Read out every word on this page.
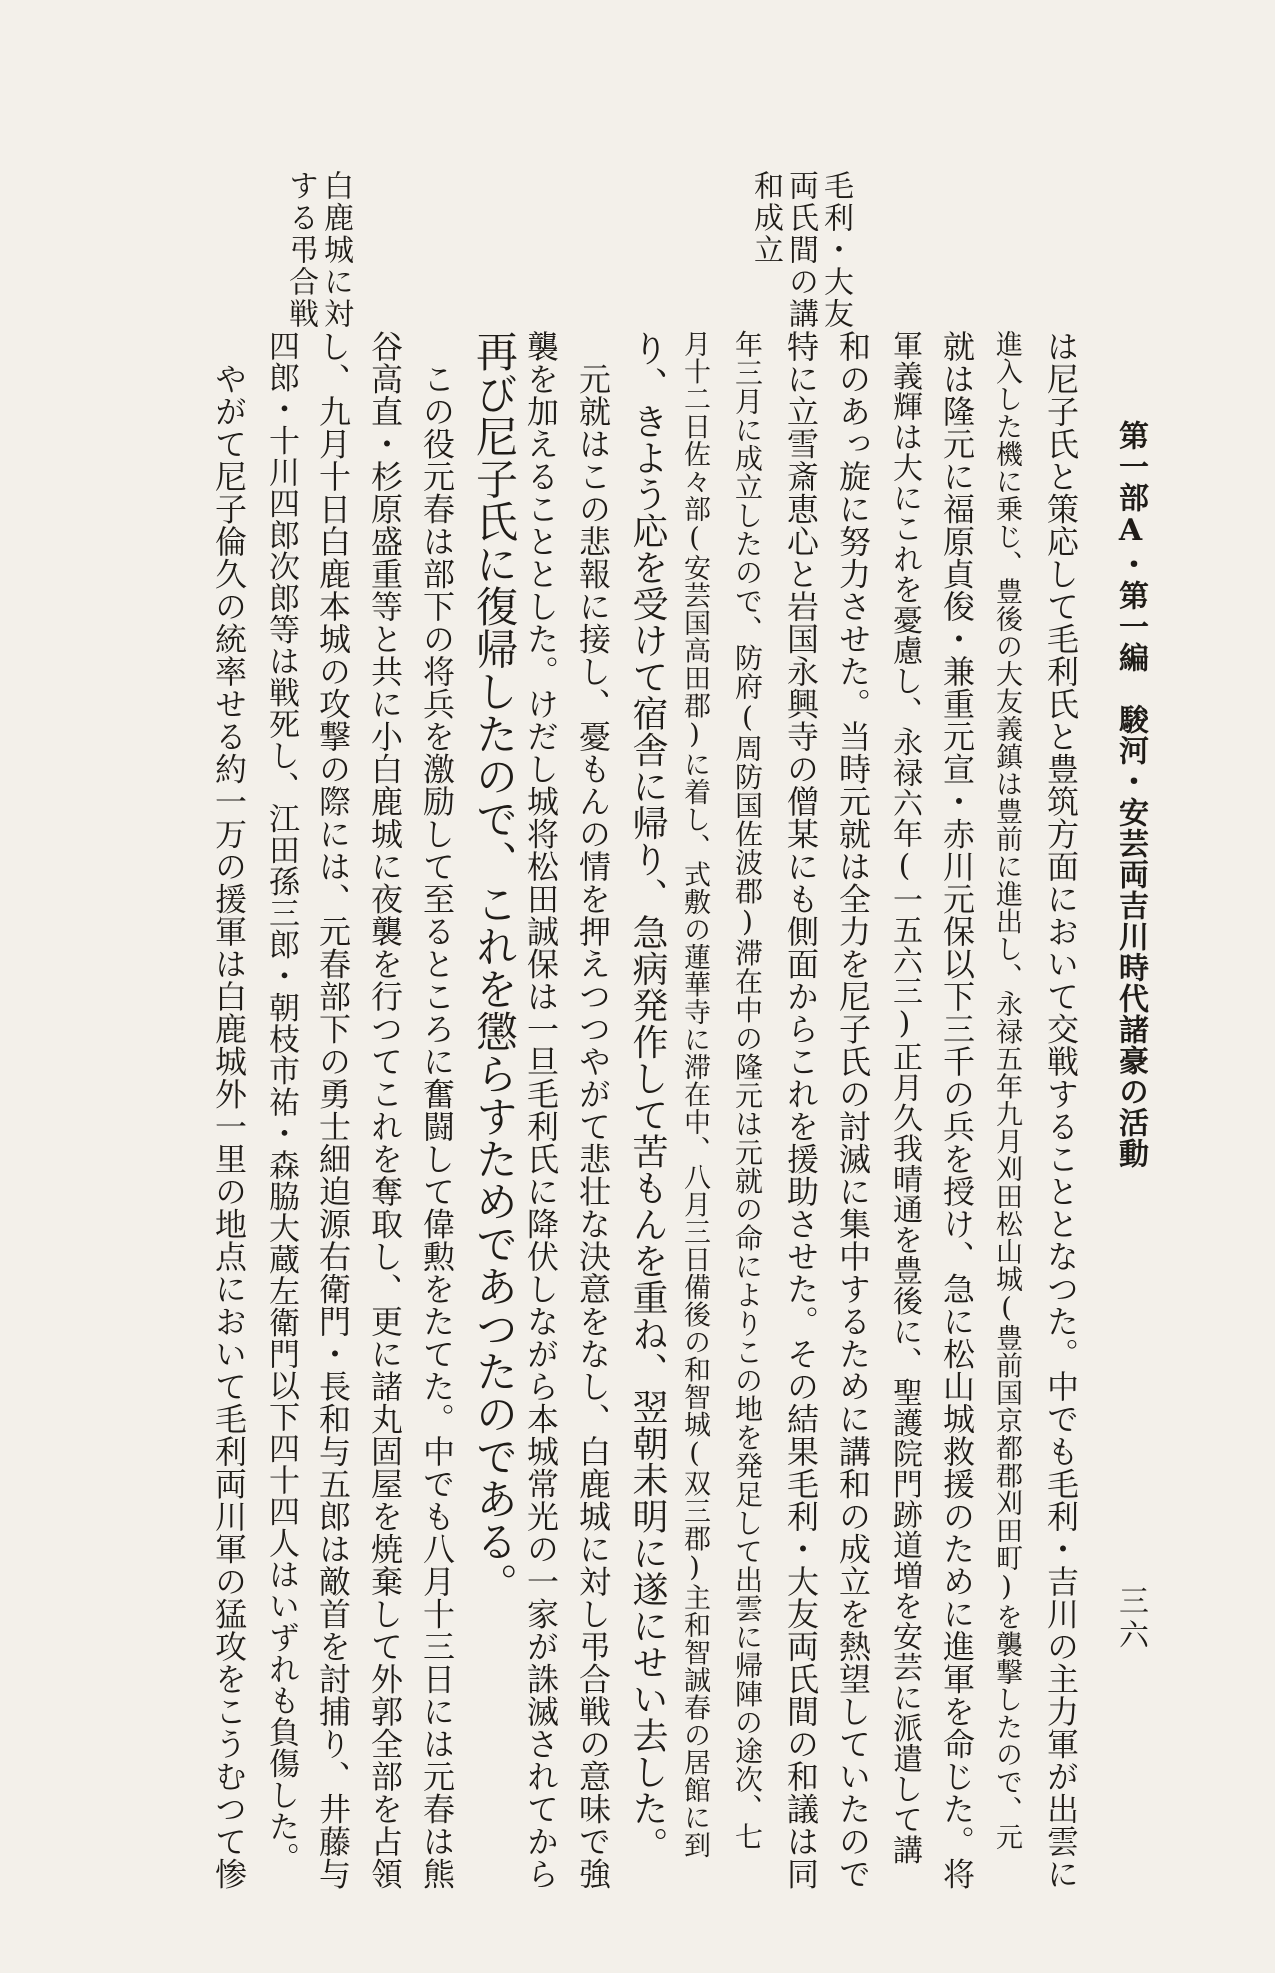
第一部A・第一編　駿河・安芸両吉川時代諸豪の活動
三六
毛利・大友
両氏間の講
和成立
白鹿城に対
する弔合戦
は尼子氏と策応して毛利氏と豊筑方面において交戦することとなつた。中でも毛利・吉川の主力軍が出雲に
進入した機に乗じ、豊後の大友義鎮は豊前に進出し、永禄五年九月刈田松山城(豊前国京都郡刈田町)を襲撃したので、元
就は隆元に福原貞俊・兼重元宣・赤川元保以下三千の兵を授け、急に松山城救援のために進軍を命じた。将
軍義輝は大にこれを憂慮し、永禄六年(一五六三)正月久我晴通を豊後に、聖護院門跡道増を安芸に派遣して講
和のあっ旋に努力させた。当時元就は全力を尼子氏の討滅に集中するために講和の成立を熱望していたので
特に立雪斎恵心と岩国永興寺の僧某にも側面からこれを援助させた。その結果毛利・大友両氏間の和議は同
年三月に成立したので、防府(周防国佐波郡)滞在中の隆元は元就の命によりこの地を発足して出雲に帰陣の途次、七
月十二日佐々部(安芸国高田郡)に着し、式敷の蓮華寺に滞在中、八月三日備後の和智城(双三郡)主和智誠春の居館に到
り、きよう応を受けて宿舎に帰り、急病発作して苦もんを重ね、翌朝未明に遂にせい去した。
　元就はこの悲報に接し、憂もんの情を押えつつやがて悲壮な決意をなし、白鹿城に対し弔合戦の意味で強
襲を加えることとした。けだし城将松田誠保は一旦毛利氏に降伏しながら本城常光の一家が誅滅されてから
再び尼子氏に復帰したので、これを懲らすためであつたのである。
　この役元春は部下の将兵を激励して至るところに奮闘して偉勲をたてた。中でも八月十三日には元春は熊
谷高直・杉原盛重等と共に小白鹿城に夜襲を行つてこれを奪取し、更に諸丸固屋を焼棄して外郭全部を占領
し、九月十日白鹿本城の攻撃の際には、元春部下の勇士細迫源右衛門・長和与五郎は敵首を討捕り、井藤与
四郎・十川四郎次郎等は戦死し、江田孫三郎・朝枝市祐・森脇大蔵左衛門以下四十四人はいずれも負傷した。
　やがて尼子倫久の統率せる約一万の援軍は白鹿城外一里の地点において毛利両川軍の猛攻をこうむつて惨
